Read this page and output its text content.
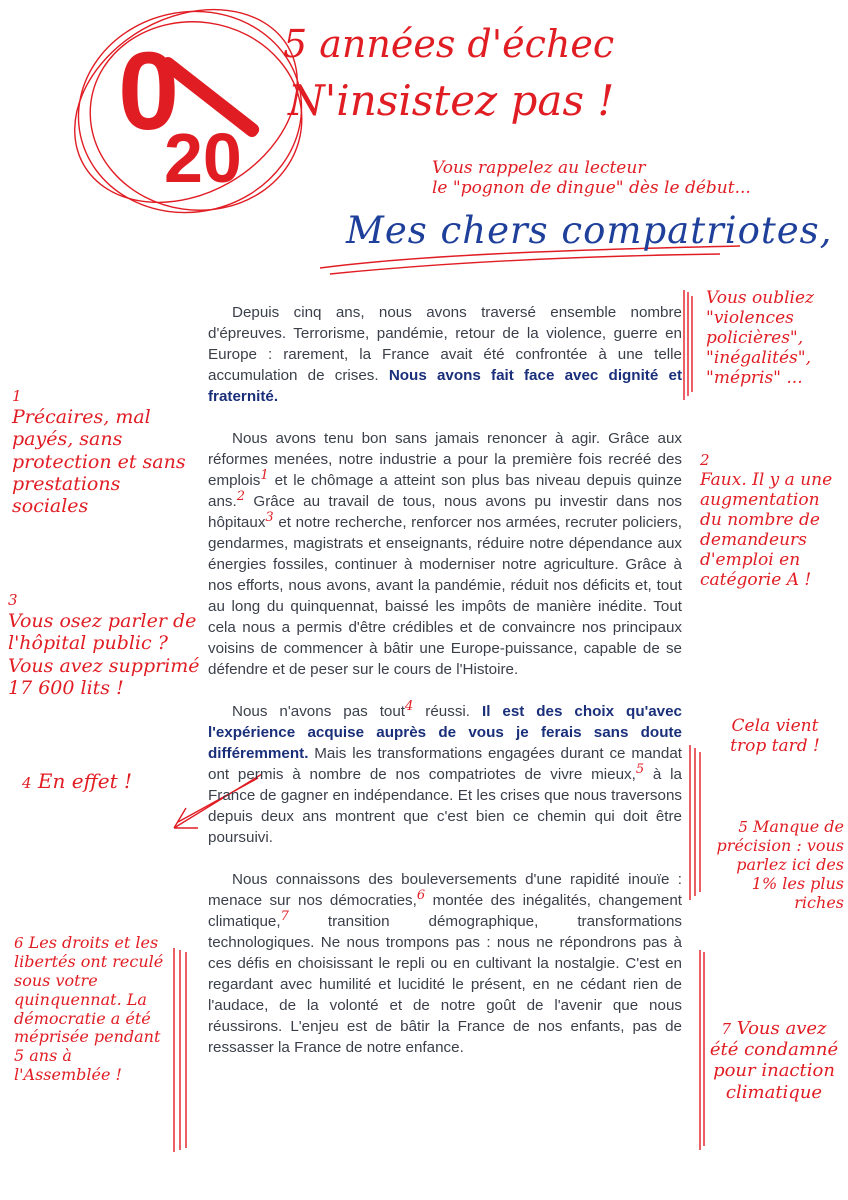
0
20
5 années d'échec
N'insistez pas !
Vous rappelez au lecteur
le "pognon de dingue" dès le début...
Mes chers compatriotes,

Depuis cinq ans, nous avons traversé ensemble nombre d'épreuves. Terrorisme, pandémie, retour de la violence, guerre en Europe : rarement, la France avait été confrontée à une telle accumulation de crises. Nous avons fait face avec dignité et fraternité.

Nous avons tenu bon sans jamais renoncer à agir. Grâce aux réformes menées, notre industrie a pour la première fois recréé des emplois1 et le chômage a atteint son plus bas niveau depuis quinze ans.2 Grâce au travail de tous, nous avons pu investir dans nos hôpitaux3 et notre recherche, renforcer nos armées, recruter policiers, gendarmes, magistrats et enseignants, réduire notre dépendance aux énergies fossiles, continuer à moderniser notre agriculture. Grâce à nos efforts, nous avons, avant la pandémie, réduit nos déficits et, tout au long du quinquennat, baissé les impôts de manière inédite. Tout cela nous a permis d'être crédibles et de convaincre nos principaux voisins de commencer à bâtir une Europe-puissance, capable de se défendre et de peser sur le cours de l'Histoire.

Nous n'avons pas tout4 réussi. Il est des choix qu'avec l'expérience acquise auprès de vous je ferais sans doute différemment. Mais les transformations engagées durant ce mandat ont permis à nombre de nos compatriotes de vivre mieux,5 à la France de gagner en indépendance. Et les crises que nous traversons depuis deux ans montrent que c'est bien ce chemin qui doit être poursuivi.

Nous connaissons des bouleversements d'une rapidité inouïe : menace sur nos démocraties,6 montée des inégalités, changement climatique,7 transition démographique, transformations technologiques. Ne nous trompons pas : nous ne répondrons pas à ces défis en choisissant le repli ou en cultivant la nostalgie. C'est en regardant avec humilité et lucidité le présent, en ne cédant rien de l'audace, de la volonté et de notre goût de l'avenir que nous réussirons. L'enjeu est de bâtir la France de nos enfants, pas de ressasser la France de notre enfance.

1
Précaires, mal payés, sans protection et sans prestations sociales
3
Vous osez parler de l'hôpital public ? Vous avez supprimé 17 600 lits !
4 En effet !
6 Les droits et les libertés ont reculé sous votre quinquennat. La démocratie a été méprisée pendant 5 ans à l'Assemblée !
Vous oubliez "violences policières", "inégalités", "mépris" ...
2
Faux. Il y a une augmentation du nombre de demandeurs d'emploi en catégorie A !
Cela vient trop tard !
5 Manque de précision : vous parlez ici des 1% les plus riches
7 Vous avez été condamné pour inaction climatique
